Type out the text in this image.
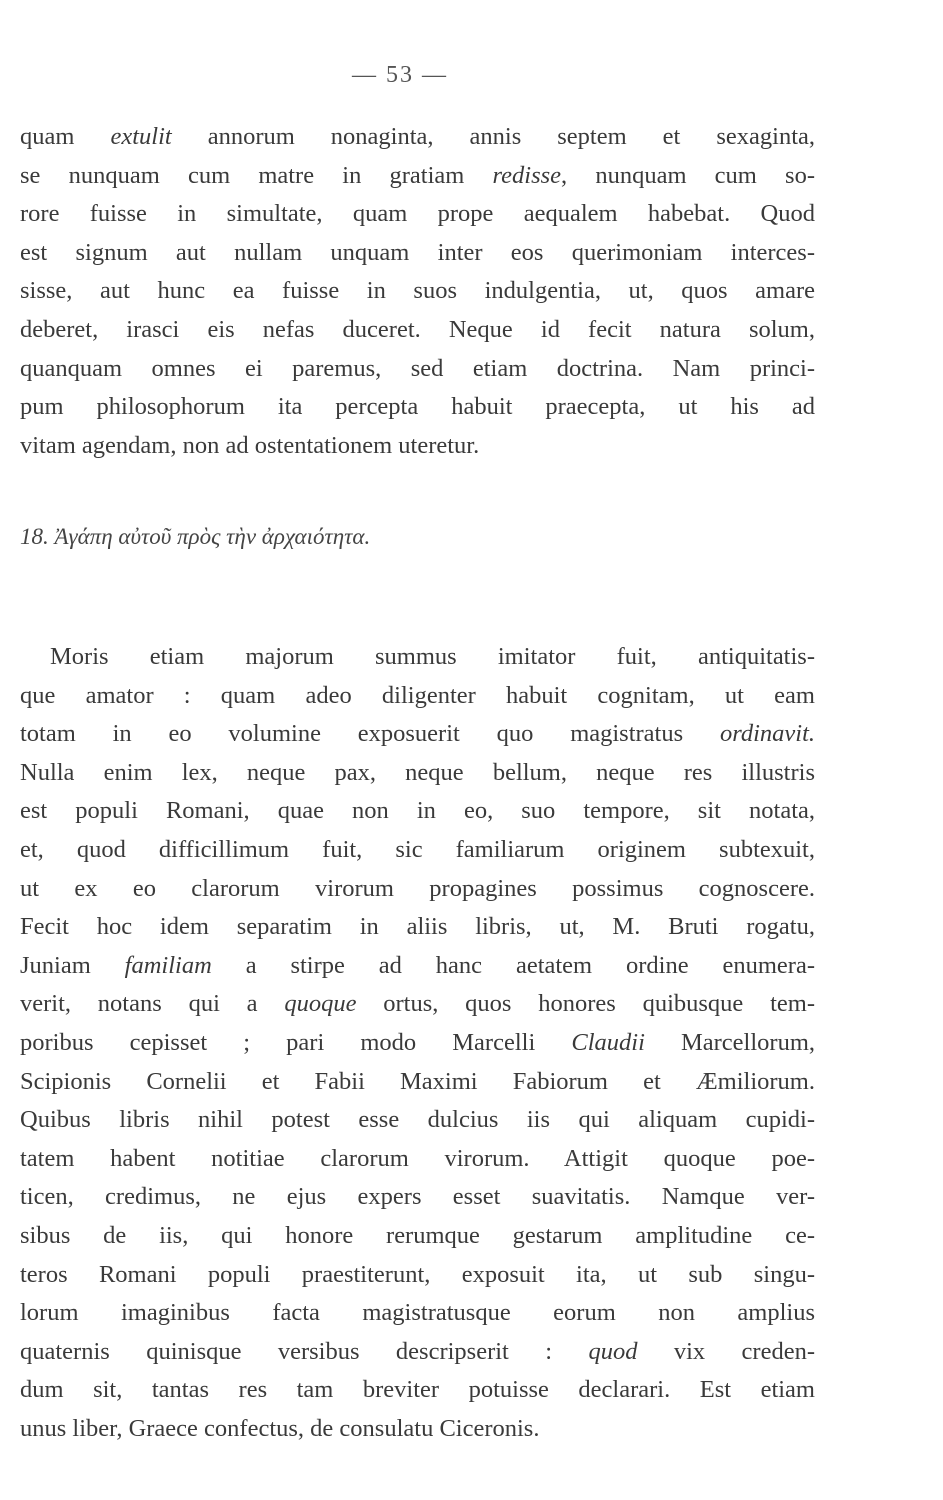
— 53 —
quam extulit annorum nonaginta, annis septem et sexaginta,
se nunquam cum matre in gratiam redisse, nunquam cum so-
rore fuisse in simultate, quam prope aequalem habebat. Quod
est signum aut nullam unquam inter eos querimoniam interces-
sisse, aut hunc ea fuisse in suos indulgentia, ut, quos amare
deberet, irasci eis nefas duceret. Neque id fecit natura solum,
quanquam omnes ei paremus, sed etiam doctrina. Nam princi-
pum philosophorum ita percepta habuit praecepta, ut his ad
vitam agendam, non ad ostentationem uteretur.
18. Ἀγάπη αὐτοῦ πρὸς τὴν ἀρχαιότητα.
Moris etiam majorum summus imitator fuit, antiquitatis-
que amator : quam adeo diligenter habuit cognitam, ut eam
totam in eo volumine exposuerit quo magistratus ordinavit.
Nulla enim lex, neque pax, neque bellum, neque res illustris
est populi Romani, quae non in eo, suo tempore, sit notata,
et, quod difficillimum fuit, sic familiarum originem subtexuit,
ut ex eo clarorum virorum propagines possimus cognoscere.
Fecit hoc idem separatim in aliis libris, ut, M. Bruti rogatu,
Juniam familiam a stirpe ad hanc aetatem ordine enumera-
verit, notans qui a quoque ortus, quos honores quibusque tem-
poribus cepisset ; pari modo Marcelli Claudii Marcellorum,
Scipionis Cornelii et Fabii Maximi Fabiorum et Æmiliorum.
Quibus libris nihil potest esse dulcius iis qui aliquam cupidi-
tatem habent notitiae clarorum virorum. Attigit quoque poe-
ticen, credimus, ne ejus expers esset suavitatis. Namque ver-
sibus de iis, qui honore rerumque gestarum amplitudine ce-
teros Romani populi praestiterunt, exposuit ita, ut sub singu-
lorum imaginibus facta magistratusque eorum non amplius
quaternis quinisque versibus descripserit : quod vix creden-
dum sit, tantas res tam breviter potuisse declarari. Est etiam
unus liber, Graece confectus, de consulatu Ciceronis.
